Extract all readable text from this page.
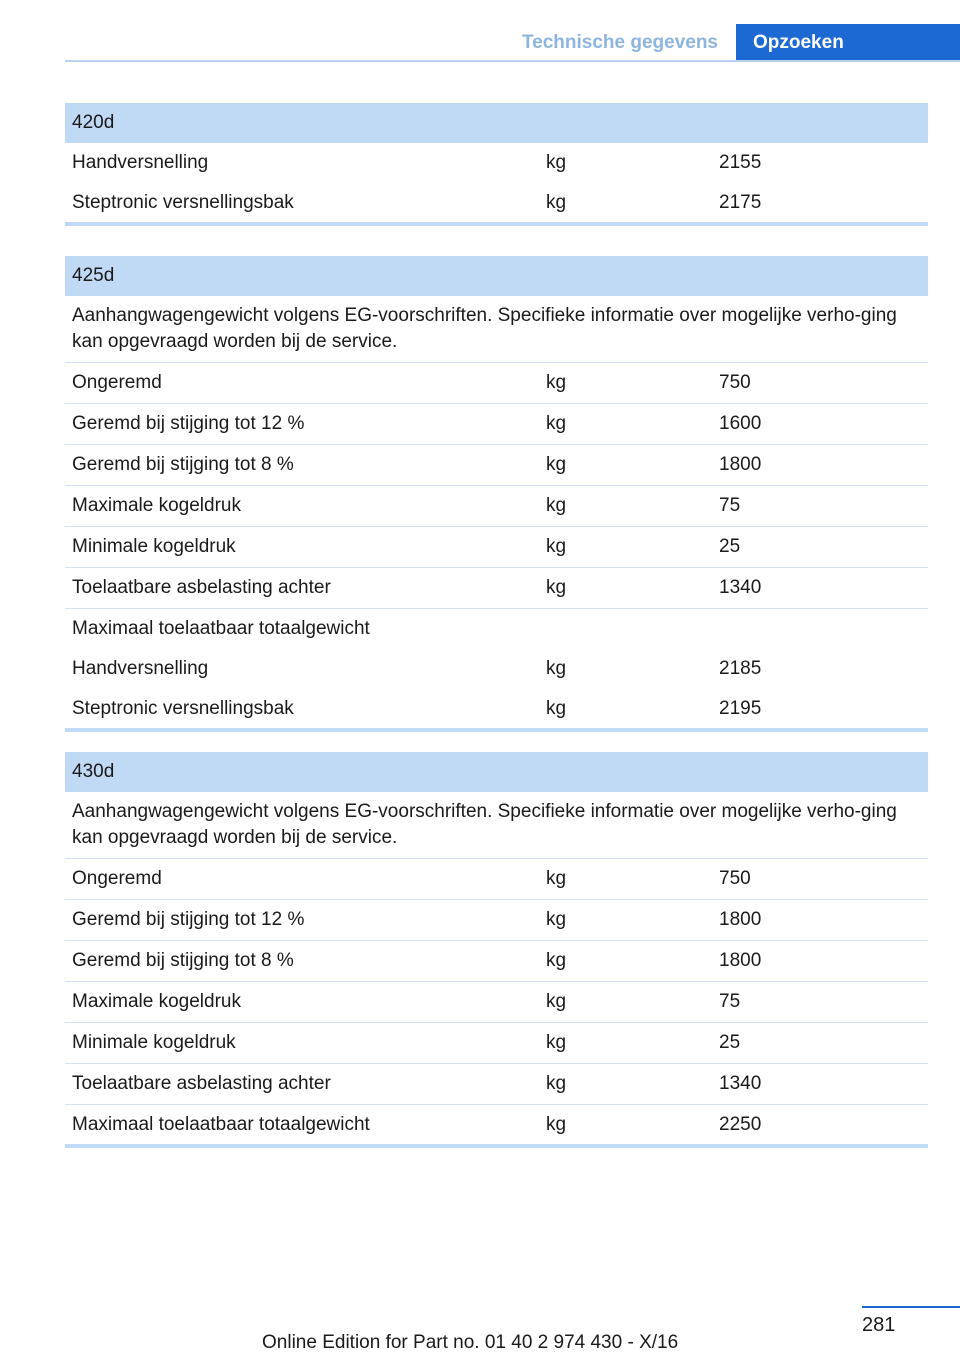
Technische gegevens	Opzoeken
420d
Handversnelling	kg	2155
Steptronic versnellingsbak	kg	2175
425d
Aanhangwagengewicht volgens EG-voorschriften. Specifieke informatie over mogelijke verho-ging kan opgevraagd worden bij de service.
Ongeremd	kg	750
Geremd bij stijging tot 12 %	kg	1600
Geremd bij stijging tot 8 %	kg	1800
Maximale kogeldruk	kg	75
Minimale kogeldruk	kg	25
Toelaatbare asbelasting achter	kg	1340
Maximaal toelaatbaar totaalgewicht
Handversnelling	kg	2185
Steptronic versnellingsbak	kg	2195
430d
Aanhangwagengewicht volgens EG-voorschriften. Specifieke informatie over mogelijke verho-ging kan opgevraagd worden bij de service.
Ongeremd	kg	750
Geremd bij stijging tot 12 %	kg	1800
Geremd bij stijging tot 8 %	kg	1800
Maximale kogeldruk	kg	75
Minimale kogeldruk	kg	25
Toelaatbare asbelasting achter	kg	1340
Maximaal toelaatbaar totaalgewicht	kg	2250
281
Online Edition for Part no. 01 40 2 974 430 - X/16
